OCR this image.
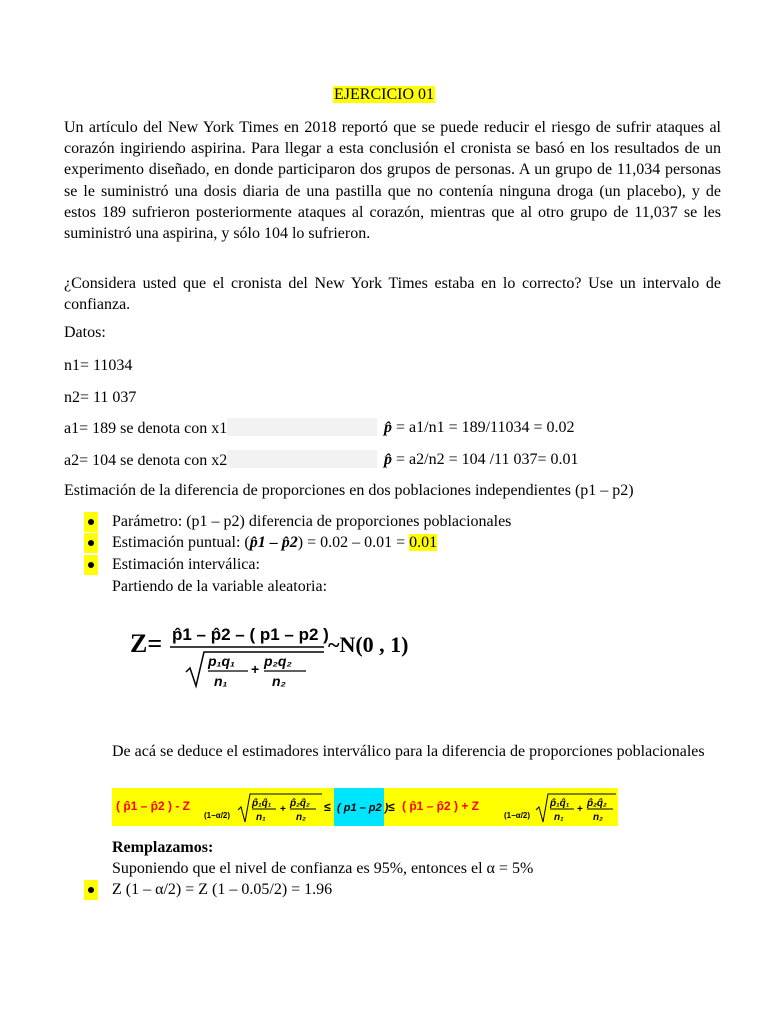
EJERCICIO 01

Un artículo del New York Times en 2018 reportó que se puede reducir el riesgo de sufrir ataques al corazón ingiriendo aspirina. Para llegar a esta conclusión el cronista se basó en los resultados de un experimento diseñado, en donde participaron dos grupos de personas. A un grupo de 11,034 personas se le suministró una dosis diaria de una pastilla que no contenía ninguna droga (un placebo), y de estos 189 sufrieron posteriormente ataques al corazón, mientras que al otro grupo de 11,037 se les suministró una aspirina, y sólo 104 lo sufrieron.

¿Considera usted que el cronista del New York Times estaba en lo correcto? Use un intervalo de confianza.

Datos:
n1= 11034
n2= 11 037
a1= 189 se denota con x1	p̂ = a1/n1 = 189/11034 = 0.02
a2= 104 se denota con x2	p̂ = a2/n2 = 104 /11 037= 0.01
Estimación de la diferencia de proporciones en dos poblaciones independientes (p1 – p2)
Parámetro: (p1 – p2) diferencia de proporciones poblacionales
Estimación puntual: (p̂1 – p̂2) = 0.02 – 0.01 = 0.01
Estimación interválica:
Partiendo de la variable aleatoria:
Z= p̂1 – p̂2 – ( p1 – p2 )
p₁q₁
n₁
+ p₂q₂
n₂
~N(0 , 1)

De acá se deduce el estimadores interválico para la diferencia de proporciones poblacionales

( p̂1 – p̂2 ) - Z
(1−α/2)
p̂₁q̂₁
n₁
+
p̂₂q̂₂
n₂
≤ ( p1 – p2 ) ≤ ( p̂1 – p̂2 ) + Z
(1−α/2)
p̂₁q̂₁
n₁
+
p̂₂q̂₂
n₂
Remplazamos:
Suponiendo que el nivel de confianza es 95%, entonces el α = 5%
Z (1 – α/2) = Z (1 – 0.05/2) = 1.96
